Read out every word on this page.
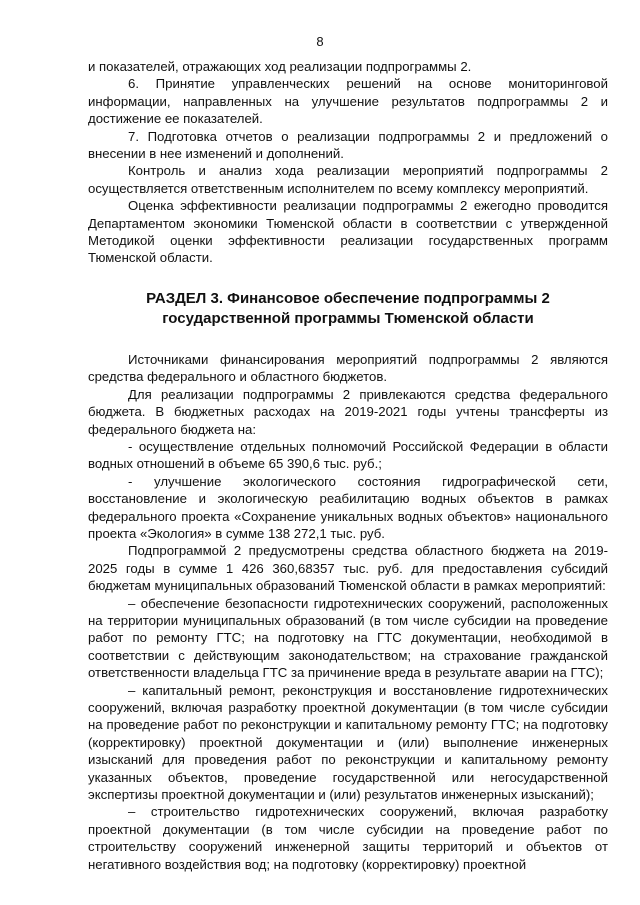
8

и показателей, отражающих ход реализации подпрограммы 2.

6. Принятие управленческих решений на основе мониторинговой информации, направленных на улучшение результатов подпрограммы 2 и достижение ее показателей.

7. Подготовка отчетов о реализации подпрограммы 2 и предложений о внесении в нее изменений и дополнений.

Контроль и анализ хода реализации мероприятий подпрограммы 2 осуществляется ответственным исполнителем по всему комплексу мероприятий.

Оценка эффективности реализации подпрограммы 2 ежегодно проводится Департаментом экономики Тюменской области в соответствии с утвержденной Методикой оценки эффективности реализации государственных программ Тюменской области.

РАЗДЕЛ 3. Финансовое обеспечение подпрограммы 2
государственной программы Тюменской области

Источниками финансирования мероприятий подпрограммы 2 являются средства федерального и областного бюджетов.

Для реализации подпрограммы 2 привлекаются средства федерального бюджета. В бюджетных расходах на 2019-2021 годы учтены трансферты из федерального бюджета на:

- осуществление отдельных полномочий Российской Федерации в области водных отношений в объеме 65 390,6 тыс. руб.;

- улучшение экологического состояния гидрографической сети, восстановление и экологическую реабилитацию водных объектов в рамках федерального проекта «Сохранение уникальных водных объектов» национального проекта «Экология» в сумме 138 272,1 тыс. руб.

Подпрограммой 2 предусмотрены средства областного бюджета на 2019-2025 годы в сумме 1 426 360,68357 тыс. руб. для предоставления субсидий бюджетам муниципальных образований Тюменской области в рамках мероприятий:

– обеспечение безопасности гидротехнических сооружений, расположенных на территории муниципальных образований (в том числе субсидии на проведение работ по ремонту ГТС; на подготовку на ГТС документации, необходимой в соответствии с действующим законодательством; на страхование гражданской ответственности владельца ГТС за причинение вреда в результате аварии на ГТС);

– капитальный ремонт, реконструкция и восстановление гидротехнических сооружений, включая разработку проектной документации (в том числе субсидии на проведение работ по реконструкции и капитальному ремонту ГТС; на подготовку (корректировку) проектной документации и (или) выполнение инженерных изысканий для проведения работ по реконструкции и капитальному ремонту указанных объектов, проведение государственной или негосударственной экспертизы проектной документации и (или) результатов инженерных изысканий);

– строительство гидротехнических сооружений, включая разработку проектной документации (в том числе субсидии на проведение работ по строительству сооружений инженерной защиты территорий и объектов от негативного воздействия вод; на подготовку (корректировку) проектной
